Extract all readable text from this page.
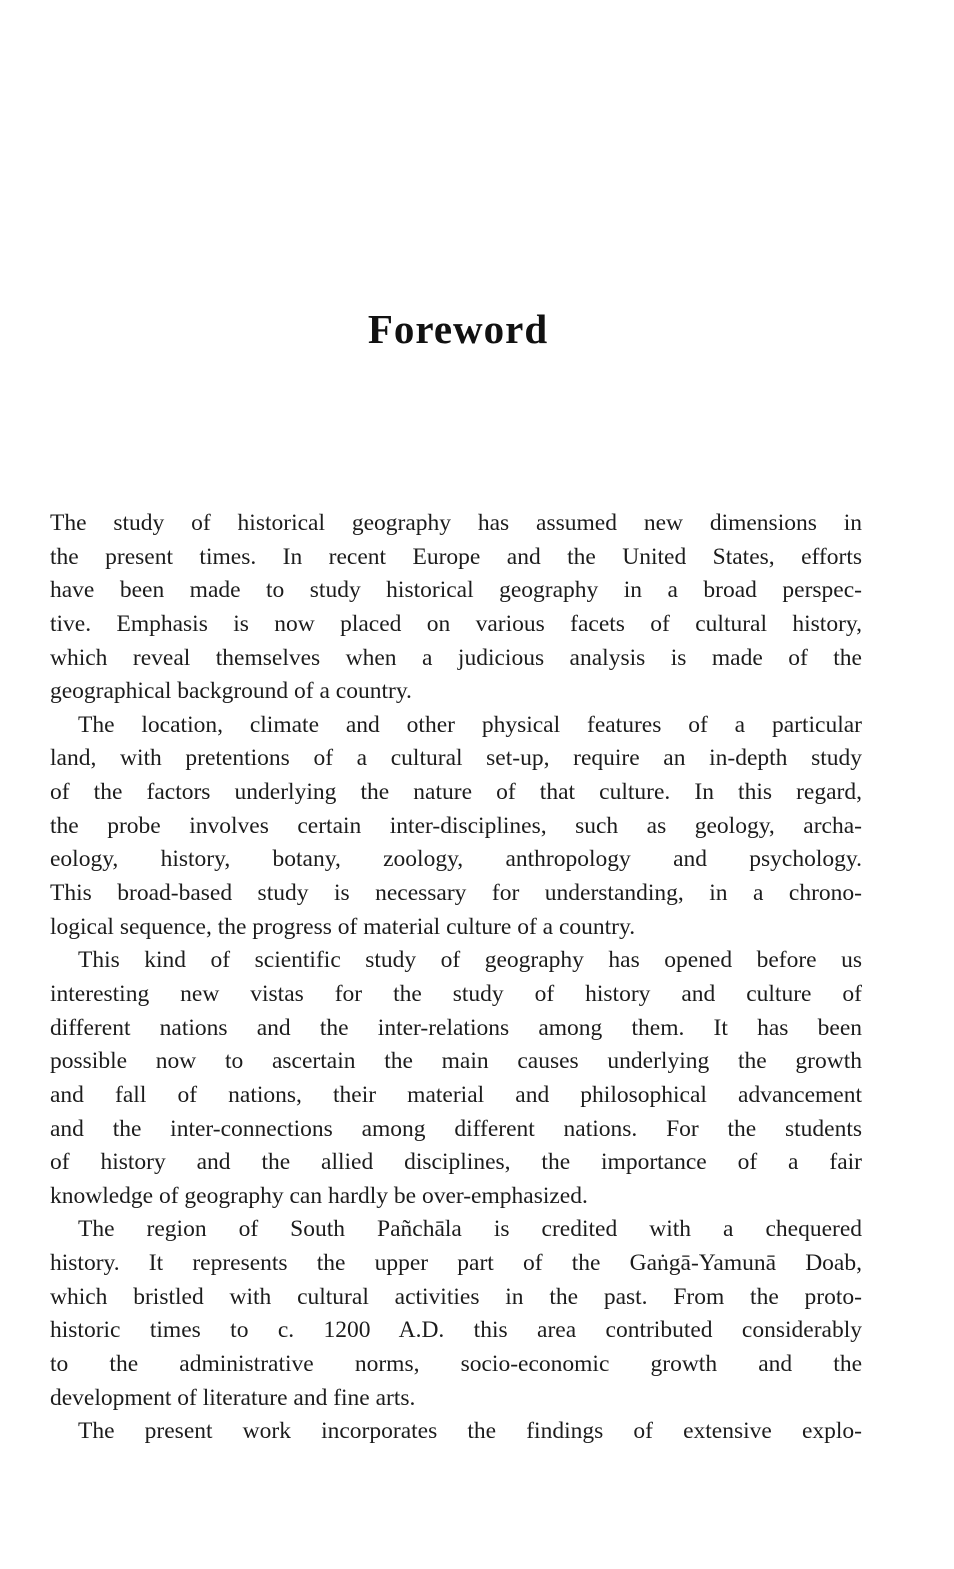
Foreword
The study of historical geography has assumed new dimensions in
the present times. In recent Europe and the United States, efforts
have been made to study historical geography in a broad perspec-
tive. Emphasis is now placed on various facets of cultural history,
which reveal themselves when a judicious analysis is made of the
geographical background of a country.
The location, climate and other physical features of a particular
land, with pretentions of a cultural set-up, require an in-depth study
of the factors underlying the nature of that culture. In this regard,
the probe involves certain inter-disciplines, such as geology, archa-
eology, history, botany, zoology, anthropology and psychology.
This broad-based study is necessary for understanding, in a chrono-
logical sequence, the progress of material culture of a country.
This kind of scientific study of geography has opened before us
interesting new vistas for the study of history and culture of
different nations and the inter-relations among them. It has been
possible now to ascertain the main causes underlying the growth
and fall of nations, their material and philosophical advancement
and the inter-connections among different nations. For the students
of history and the allied disciplines, the importance of a fair
knowledge of geography can hardly be over-emphasized.
The region of South Pañchāla is credited with a chequered
history. It represents the upper part of the Gaṅgā-Yamunā Doab,
which bristled with cultural activities in the past. From the proto-
historic times to c. 1200 A.D. this area contributed considerably
to the administrative norms, socio-economic growth and the
development of literature and fine arts.
The present work incorporates the findings of extensive explo-
